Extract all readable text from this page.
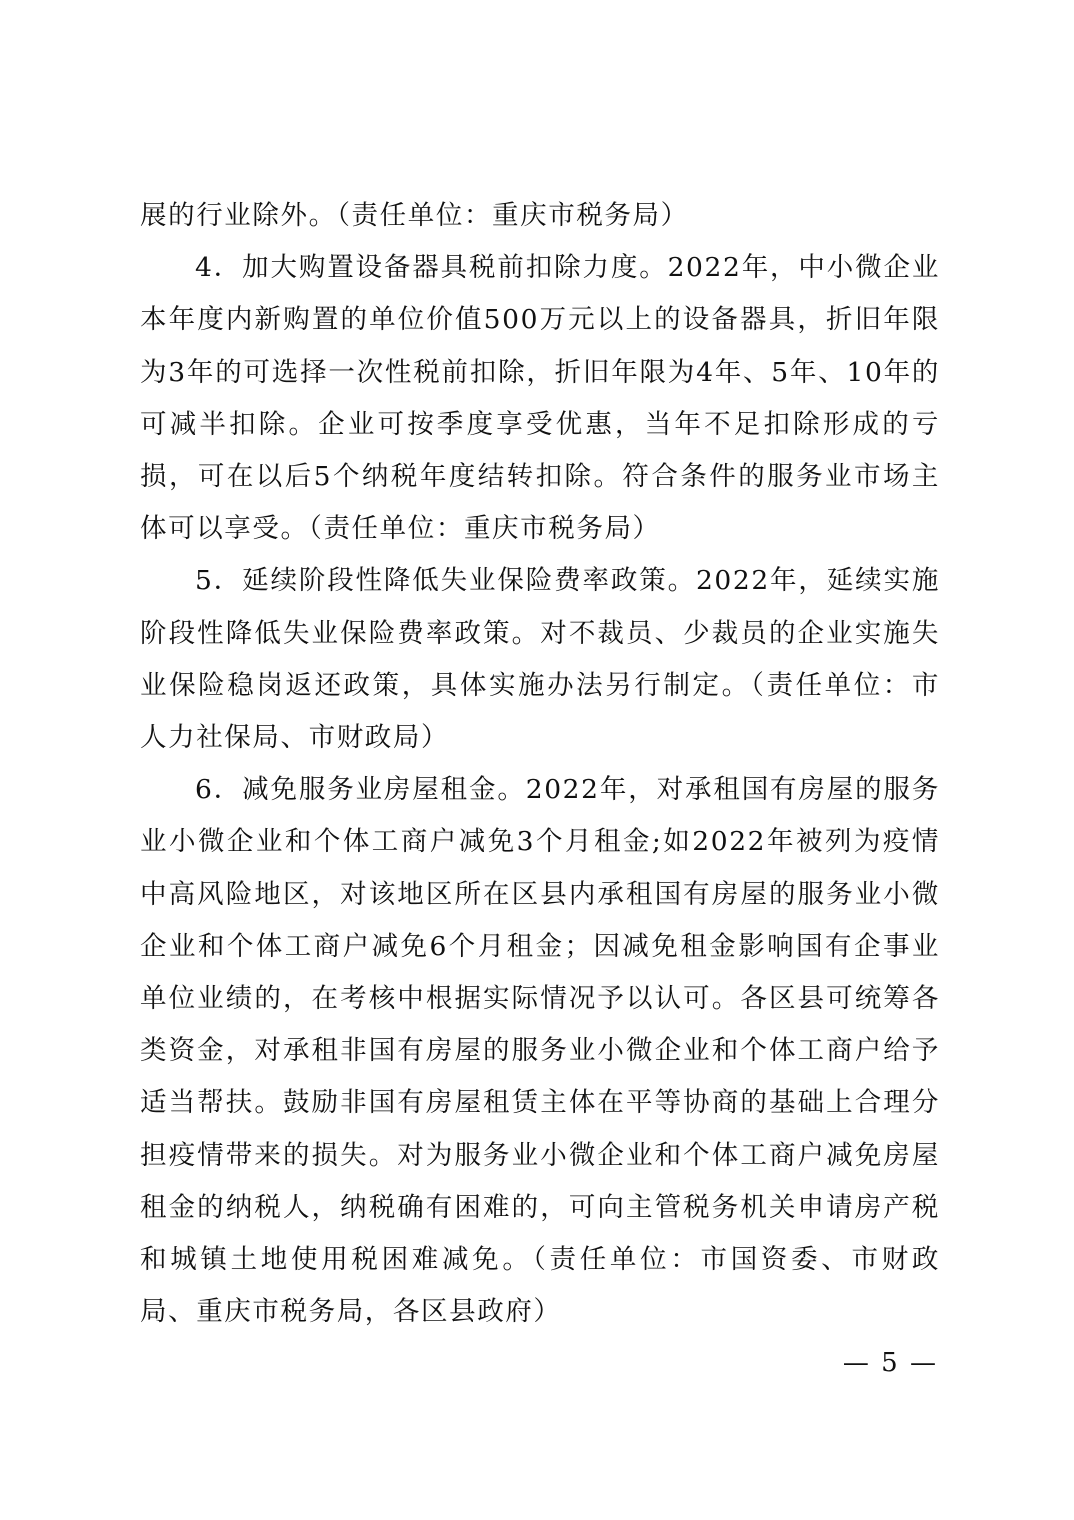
展的行业除外。（责任单位：重庆市税务局）

4．加大购置设备器具税前扣除力度。2022年，中小微企业本年度内新购置的单位价值500万元以上的设备器具，折旧年限为3年的可选择一次性税前扣除，折旧年限为4年、5年、10年的可减半扣除。企业可按季度享受优惠，当年不足扣除形成的亏损，可在以后5个纳税年度结转扣除。符合条件的服务业市场主体可以享受。（责任单位：重庆市税务局）

5．延续阶段性降低失业保险费率政策。2022年，延续实施阶段性降低失业保险费率政策。对不裁员、少裁员的企业实施失业保险稳岗返还政策，具体实施办法另行制定。（责任单位：市人力社保局、市财政局）

6．减免服务业房屋租金。2022年，对承租国有房屋的服务业小微企业和个体工商户减免3个月租金;如2022年被列为疫情中高风险地区，对该地区所在区县内承租国有房屋的服务业小微企业和个体工商户减免6个月租金；因减免租金影响国有企事业单位业绩的，在考核中根据实际情况予以认可。各区县可统筹各类资金，对承租非国有房屋的服务业小微企业和个体工商户给予适当帮扶。鼓励非国有房屋租赁主体在平等协商的基础上合理分担疫情带来的损失。对为服务业小微企业和个体工商户减免房屋租金的纳税人，纳税确有困难的，可向主管税务机关申请房产税和城镇土地使用税困难减免。（责任单位：市国资委、市财政局、重庆市税务局，各区县政府）

— 5 —
